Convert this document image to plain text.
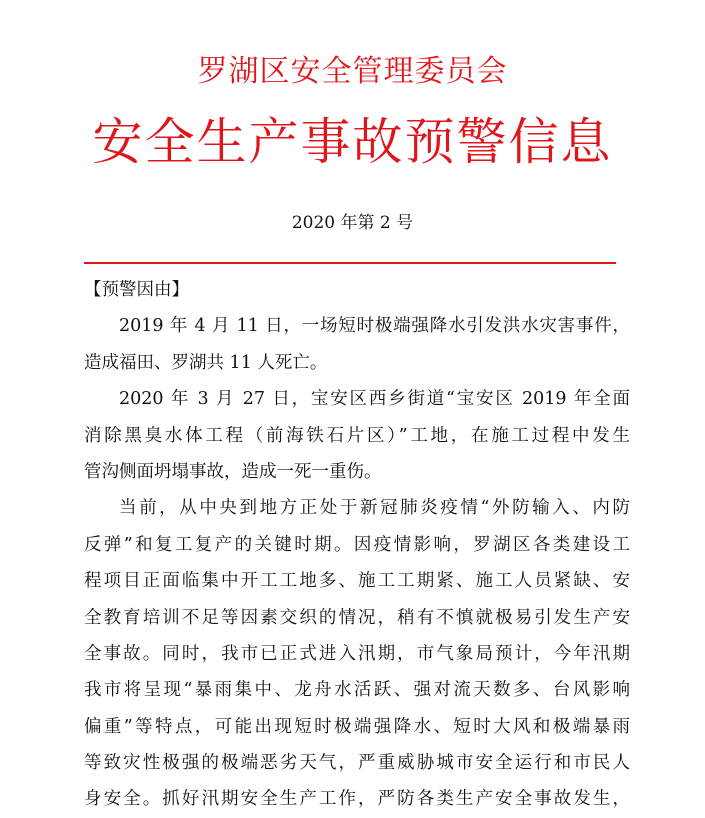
罗湖区安全管理委员会
安全生产事故预警信息
2020 年第 2 号
【预警因由】
2019 年 4 月 11 日，一场短时极端强降水引发洪水灾害事件，
造成福田、罗湖共 11 人死亡。
2020 年 3 月 27 日，宝安区西乡街道“宝安区 2019 年全面
消除黑臭水体工程（前海铁石片区）”工地，在施工过程中发生
管沟侧面坍塌事故，造成一死一重伤。
当前，从中央到地方正处于新冠肺炎疫情“外防输入、内防
反弹”和复工复产的关键时期。因疫情影响，罗湖区各类建设工
程项目正面临集中开工工地多、施工工期紧、施工人员紧缺、安
全教育培训不足等因素交织的情况，稍有不慎就极易引发生产安
全事故。同时，我市已正式进入汛期，市气象局预计，今年汛期
我市将呈现“暴雨集中、龙舟水活跃、强对流天数多、台风影响
偏重”等特点，可能出现短时极端强降水、短时大风和极端暴雨
等致灾性极强的极端恶劣天气，严重威胁城市安全运行和市民人
身安全。抓好汛期安全生产工作，严防各类生产安全事故发生，
